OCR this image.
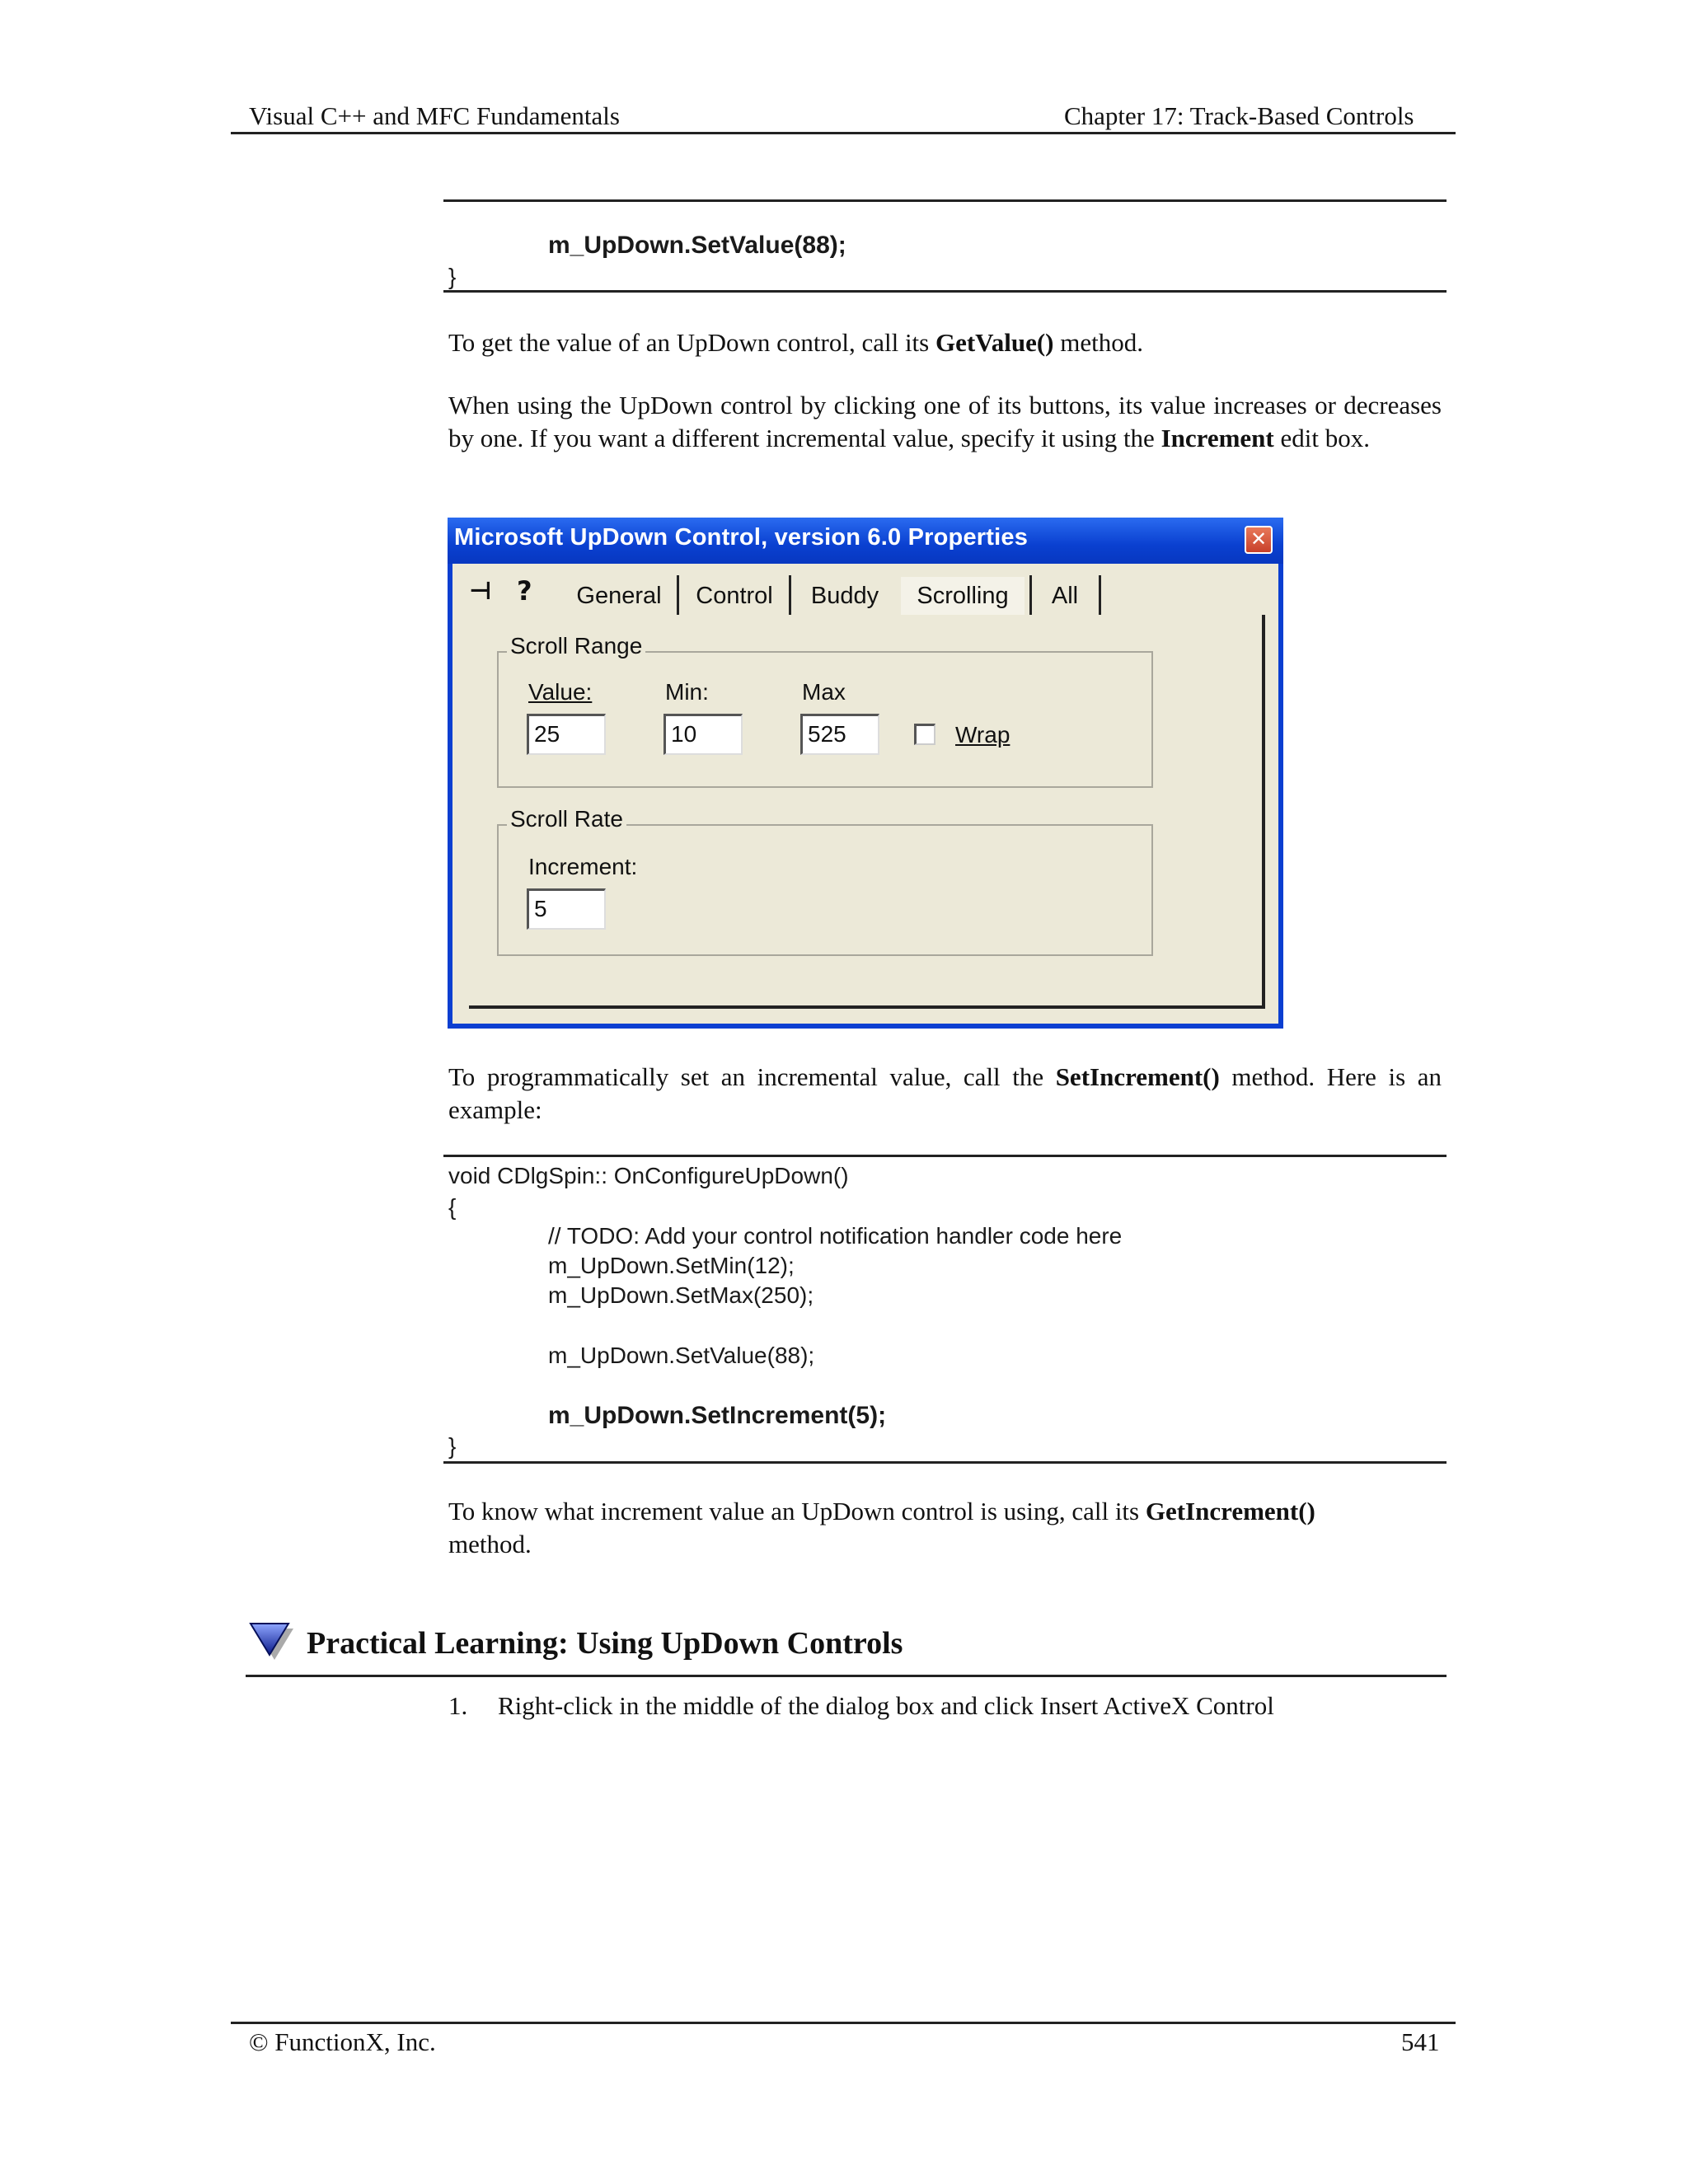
Visual C++ and MFC Fundamentals	Chapter 17: Track-Based Controls
m_UpDown.SetValue(88);
}
To get the value of an UpDown control, call its GetValue() method.
When using the UpDown control by clicking one of its buttons, its value increases or decreases by one. If you want a different incremental value, specify it using the Increment edit box.
Microsoft UpDown Control, version 6.0 Properties	✕
⊣ ? General	Control	Buddy	Scrolling	All
Scroll Range
Value:
25
Min:
10
Max
525	Wrap
Scroll Rate
Increment:
5
To programmatically set an incremental value, call the SetIncrement() method. Here is an example:
void CDlgSpin:: OnConfigureUpDown()
{
// TODO: Add your control notification handler code here
m_UpDown.SetMin(12);
m_UpDown.SetMax(250);
m_UpDown.SetValue(88);
m_UpDown.SetIncrement(5);
}
To know what increment value an UpDown control is using, call its GetIncrement()
method.
Practical Learning: Using UpDown Controls
1. Right-click in the middle of the dialog box and click Insert ActiveX Control
© FunctionX, Inc.	541
